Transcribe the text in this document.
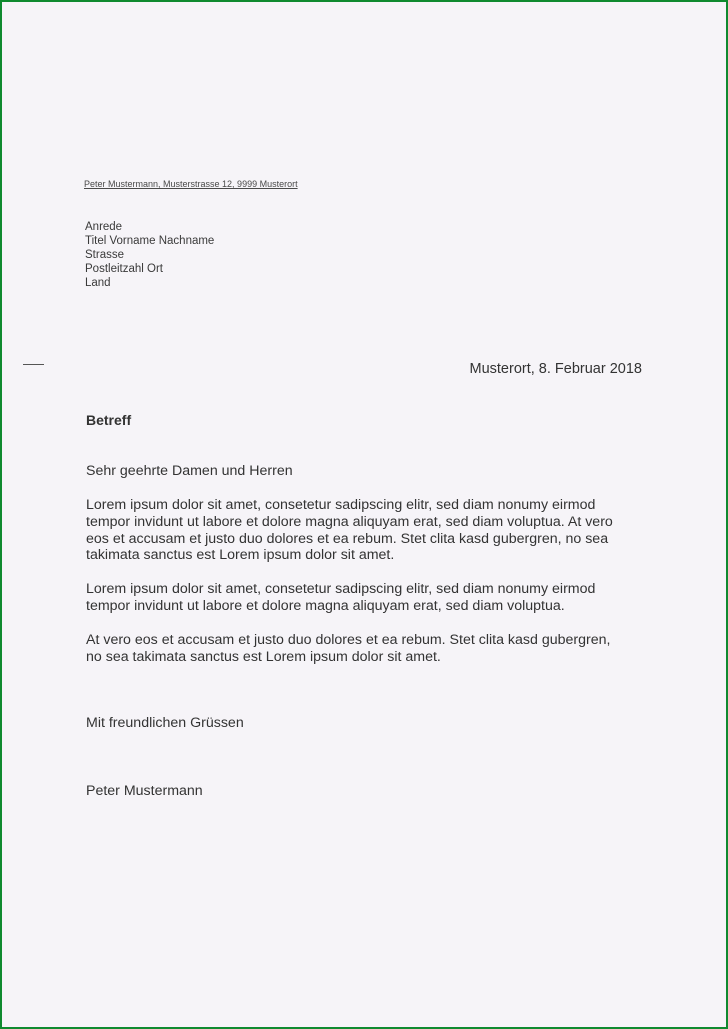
Peter Mustermann, Musterstrasse 12, 9999 Musterort
Anrede
Titel Vorname Nachname
Strasse
Postleitzahl Ort
Land
Musterort, 8. Februar 2018
Betreff
Sehr geehrte Damen und Herren
Lorem ipsum dolor sit amet, consetetur sadipscing elitr, sed diam nonumy eirmod
tempor invidunt ut labore et dolore magna aliquyam erat, sed diam voluptua. At vero
eos et accusam et justo duo dolores et ea rebum. Stet clita kasd gubergren, no sea
takimata sanctus est Lorem ipsum dolor sit amet.
Lorem ipsum dolor sit amet, consetetur sadipscing elitr, sed diam nonumy eirmod
tempor invidunt ut labore et dolore magna aliquyam erat, sed diam voluptua.
At vero eos et accusam et justo duo dolores et ea rebum. Stet clita kasd gubergren,
no sea takimata sanctus est Lorem ipsum dolor sit amet.
Mit freundlichen Grüssen
Peter Mustermann
